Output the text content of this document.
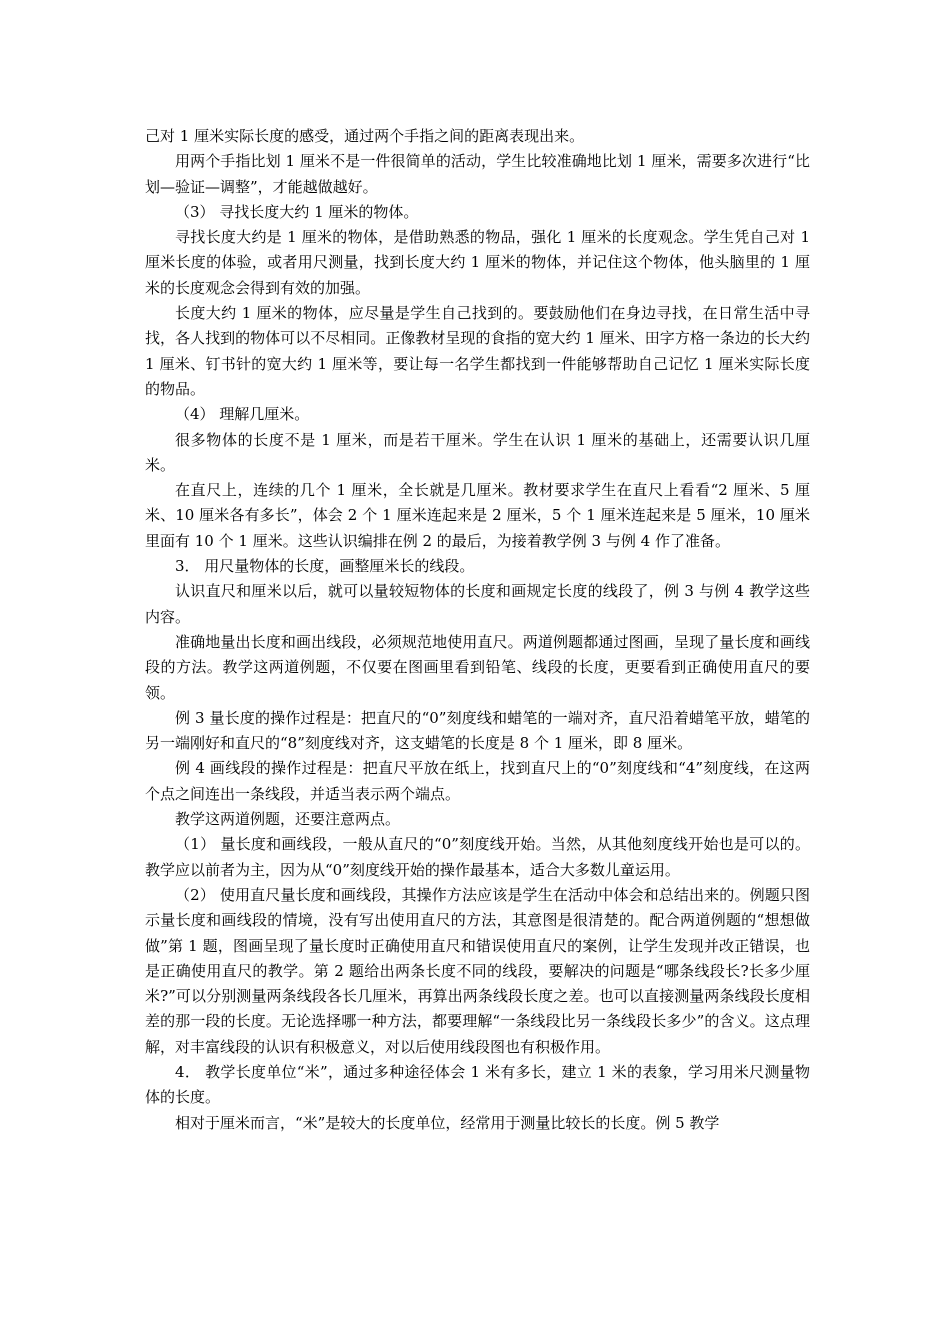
己对 1 厘米实际长度的感受，通过两个手指之间的距离表现出来。

用两个手指比划 1 厘米不是一件很简单的活动，学生比较准确地比划 1 厘米，需要多次进行“比划—验证—调整”，才能越做越好。

（3） 寻找长度大约 1 厘米的物体。

寻找长度大约是 1 厘米的物体，是借助熟悉的物品，强化 1 厘米的长度观念。学生凭自己对 1 厘米长度的体验，或者用尺测量，找到长度大约 1 厘米的物体，并记住这个物体，他头脑里的 1 厘米的长度观念会得到有效的加强。

长度大约 1 厘米的物体，应尽量是学生自己找到的。要鼓励他们在身边寻找，在日常生活中寻找，各人找到的物体可以不尽相同。正像教材呈现的食指的宽大约 1 厘米、田字方格一条边的长大约 1 厘米、钉书针的宽大约 1 厘米等，要让每一名学生都找到一件能够帮助自己记忆 1 厘米实际长度的物品。

（4） 理解几厘米。

很多物体的长度不是 1 厘米，而是若干厘米。学生在认识 1 厘米的基础上，还需要认识几厘米。

在直尺上，连续的几个 1 厘米，全长就是几厘米。教材要求学生在直尺上看看“2 厘米、5 厘米、10 厘米各有多长”，体会 2 个 1 厘米连起来是 2 厘米，5 个 1 厘米连起来是 5 厘米，10 厘米里面有 10 个 1 厘米。这些认识编排在例 2 的最后，为接着教学例 3 与例 4 作了准备。

3． 用尺量物体的长度，画整厘米长的线段。

认识直尺和厘米以后，就可以量较短物体的长度和画规定长度的线段了，例 3 与例 4 教学这些内容。

准确地量出长度和画出线段，必须规范地使用直尺。两道例题都通过图画，呈现了量长度和画线段的方法。教学这两道例题，不仅要在图画里看到铅笔、线段的长度，更要看到正确使用直尺的要领。

例 3 量长度的操作过程是：把直尺的“0”刻度线和蜡笔的一端对齐，直尺沿着蜡笔平放，蜡笔的另一端刚好和直尺的“8”刻度线对齐，这支蜡笔的长度是 8 个 1 厘米，即 8 厘米。

例 4 画线段的操作过程是：把直尺平放在纸上，找到直尺上的“0”刻度线和“4”刻度线，在这两个点之间连出一条线段，并适当表示两个端点。

教学这两道例题，还要注意两点。

（1） 量长度和画线段，一般从直尺的“0”刻度线开始。当然，从其他刻度线开始也是可以的。教学应以前者为主，因为从“0”刻度线开始的操作最基本，适合大多数儿童运用。

（2） 使用直尺量长度和画线段，其操作方法应该是学生在活动中体会和总结出来的。例题只图示量长度和画线段的情境，没有写出使用直尺的方法，其意图是很清楚的。配合两道例题的“想想做做”第 1 题，图画呈现了量长度时正确使用直尺和错误使用直尺的案例，让学生发现并改正错误，也是正确使用直尺的教学。第 2 题给出两条长度不同的线段，要解决的问题是“哪条线段长?长多少厘米?”可以分别测量两条线段各长几厘米，再算出两条线段长度之差。也可以直接测量两条线段长度相差的那一段的长度。无论选择哪一种方法，都要理解“一条线段比另一条线段长多少”的含义。这点理解，对丰富线段的认识有积极意义，对以后使用线段图也有积极作用。

4． 教学长度单位“米”，通过多种途径体会 1 米有多长，建立 1 米的表象，学习用米尺测量物体的长度。

相对于厘米而言，“米”是较大的长度单位，经常用于测量比较长的长度。例 5 教学
